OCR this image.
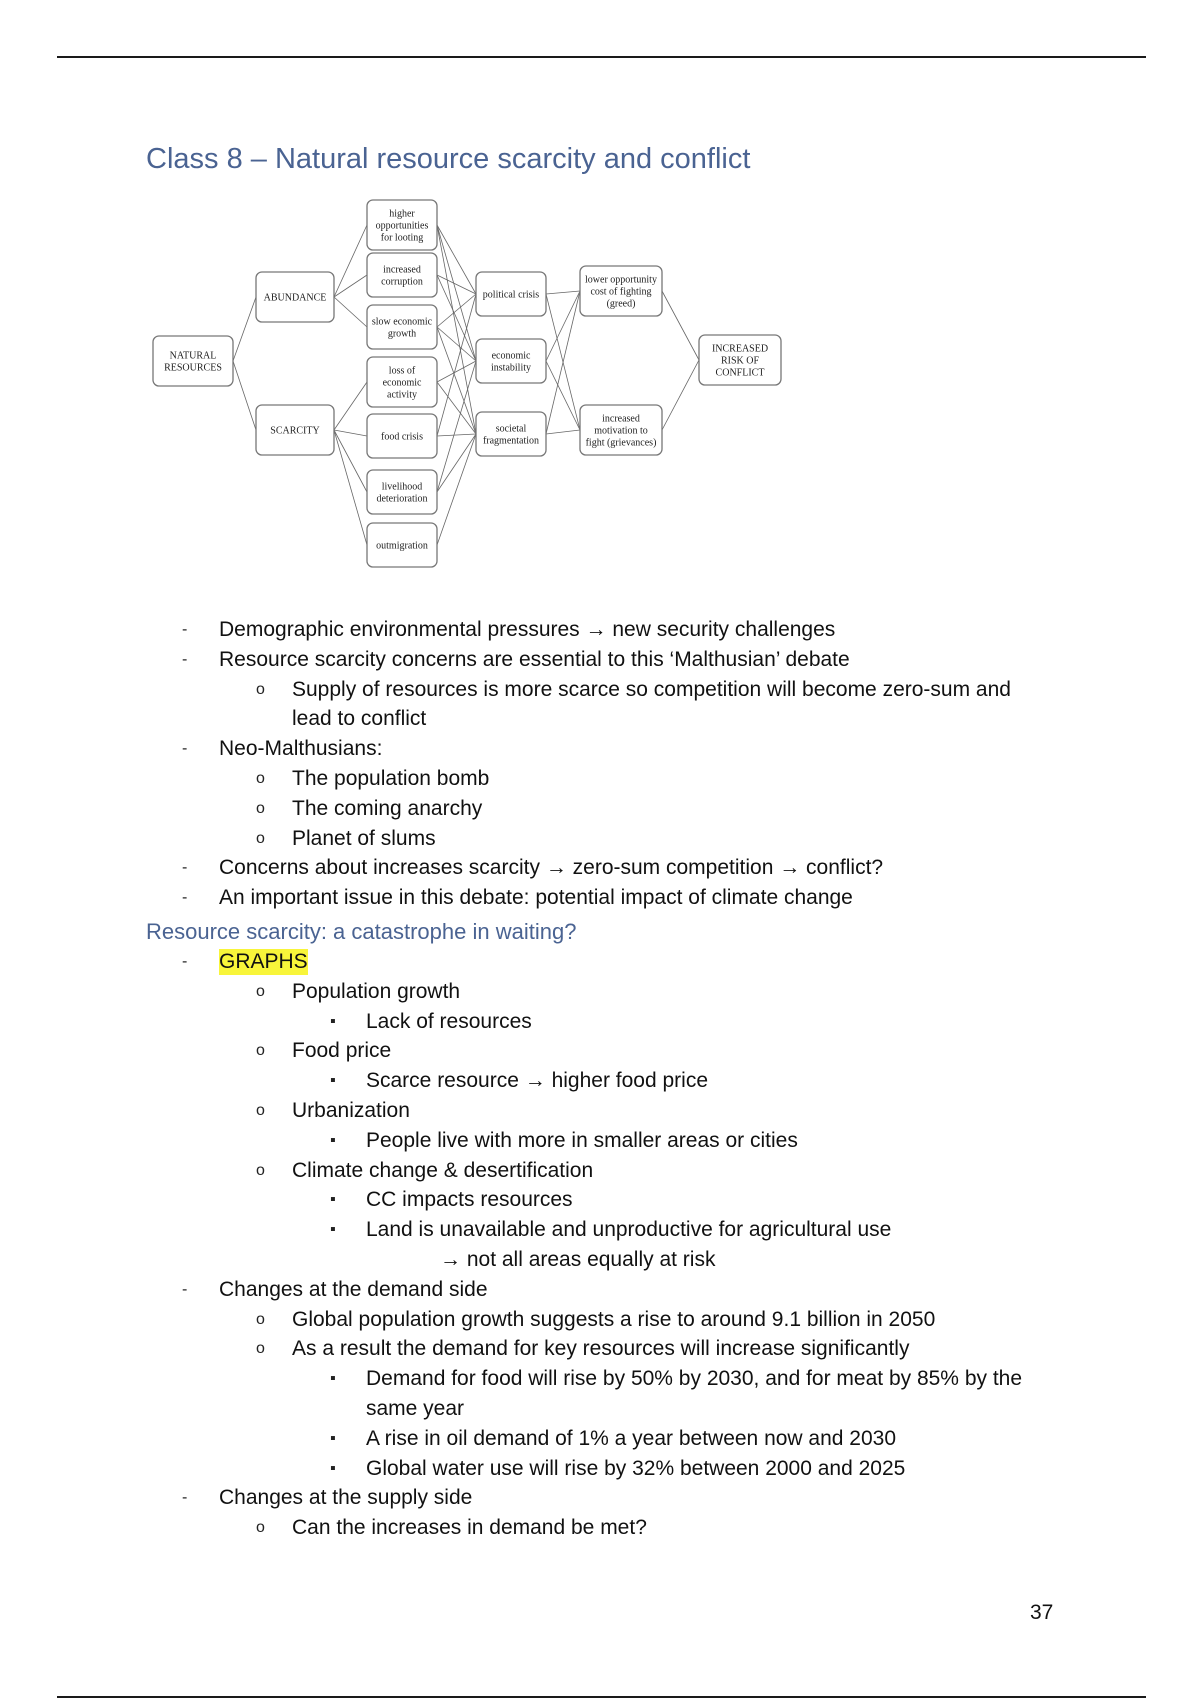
Class 8 – Natural resource scarcity and conflict
NATURAL
RESOURCES
ABUNDANCE
SCARCITY
higher
opportunities
for looting
increased
corruption
slow economic
growth
loss of
economic
activity
food crisis
livelihood
deterioration
outmigration
political crisis
economic
instability
societal
fragmentation
lower opportunity
cost of fighting
(greed)
increased
motivation to
fight (grievances)
INCREASED
RISK OF
CONFLICT
- Demographic environmental pressures → new security challenges
- Resource scarcity concerns are essential to this ‘Malthusian’ debate
o Supply of resources is more scarce so competition will become zero-sum and
lead to conflict
- Neo-Malthusians:
o The population bomb
o The coming anarchy
o Planet of slums
- Concerns about increases scarcity → zero-sum competition → conflict?
- An important issue in this debate: potential impact of climate change
Resource scarcity: a catastrophe in waiting?
- GRAPHS
o Population growth
▪ Lack of resources
o Food price
▪ Scarce resource → higher food price
o Urbanization
▪ People live with more in smaller areas or cities
o Climate change & desertification
▪ CC impacts resources
▪ Land is unavailable and unproductive for agricultural use
→ not all areas equally at risk
- Changes at the demand side
o Global population growth suggests a rise to around 9.1 billion in 2050
o As a result the demand for key resources will increase significantly
▪ Demand for food will rise by 50% by 2030, and for meat by 85% by the
same year
▪ A rise in oil demand of 1% a year between now and 2030
▪ Global water use will rise by 32% between 2000 and 2025
- Changes at the supply side
o Can the increases in demand be met?
37
